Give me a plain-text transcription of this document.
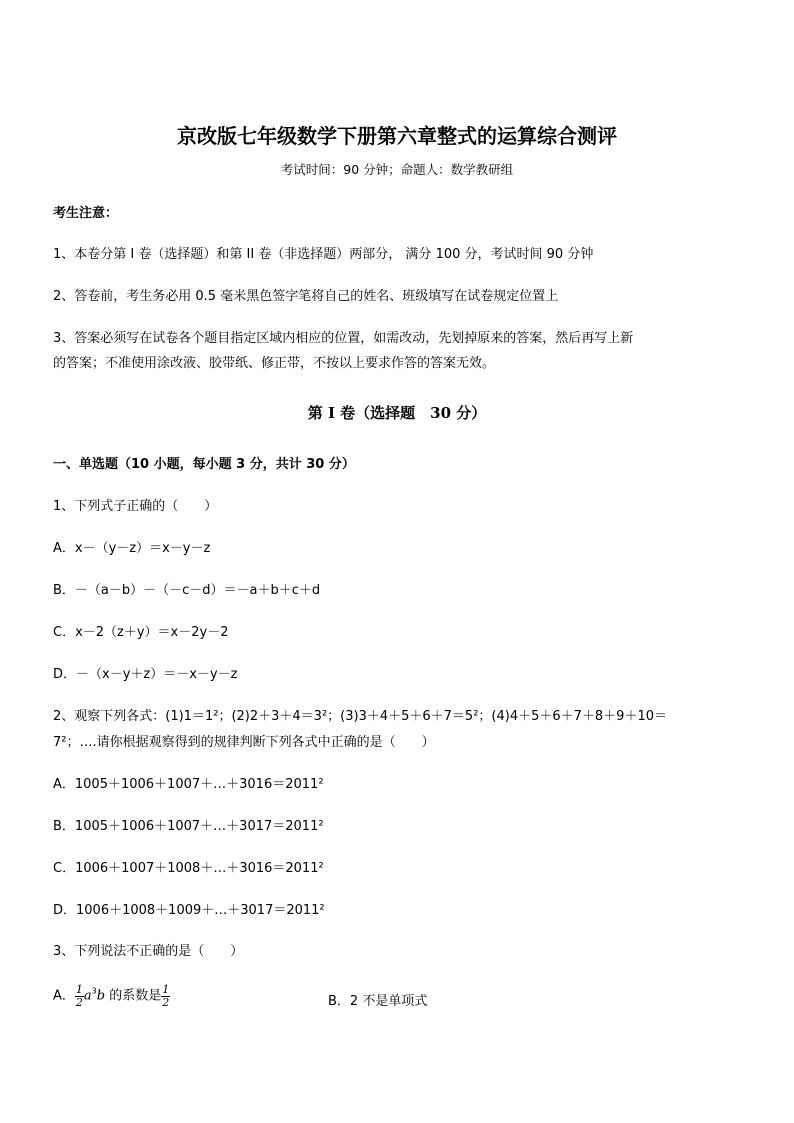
京改版七年级数学下册第六章整式的运算综合测评
考试时间：90 分钟；命题人：数学教研组
考生注意：
1、本卷分第 I 卷（选择题）和第 II 卷（非选择题）两部分， 满分 100 分，考试时间 90 分钟
2、答卷前，考生务必用 0.5 毫米黑色签字笔将自己的姓名、班级填写在试卷规定位置上
3、答案必须写在试卷各个题目指定区域内相应的位置，如需改动，先划掉原来的答案，然后再写上新
的答案；不准使用涂改液、胶带纸、修正带，不按以上要求作答的答案无效。
第 I 卷（选择题　30 分）
一、单选题（10 小题，每小题 3 分，共计 30 分）
1、下列式子正确的（　　）
A．x－（y－z）＝x－y－z
B．－（a－b）－（－c－d）＝－a＋b＋c＋d
C．x－2（z＋y）＝x－2y－2
D．－（x－y＋z）＝－x－y－z
2、观察下列各式：(1)1＝1²；(2)2＋3＋4＝3²；(3)3＋4＋5＋6＋7＝5²；(4)4＋5＋6＋7＋8＋9＋10＝
7²；….请你根据观察得到的规律判断下列各式中正确的是（　　）
A．1005＋1006＋1007＋…＋3016＝2011²
B．1005＋1006＋1007＋…＋3017＝2011²
C．1006＋1007＋1008＋…＋3016＝2011²
D．1006＋1008＋1009＋…＋3017＝2011²
3、下列说法不正确的是（　　）
A． $\frac{1}{2} a^3b$ 的系数是 $\frac{1}{2}$	B．2 不是单项式
